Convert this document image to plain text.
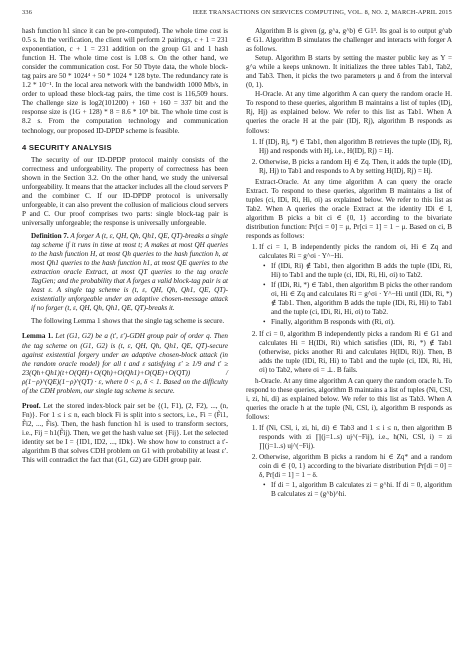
336	IEEE TRANSACTIONS ON SERVICES COMPUTING, VOL. 8, NO. 2, MARCH-APRIL 2015

hash function h1 since it can be pre-computed). The whole time cost is 0.5 s. In the verification, the client will perform 2 pairings, c + 1 = 231 exponentiation, c + 1 = 231 addition on the group G1 and 1 hash function H. The whole time cost is 1.08 s. On the other hand, we consider the communication cost. For 50 Tbyte data, the whole block-tag pairs are 50 * 1024⁴ + 50 * 1024 * 128 byte. The redundancy rate is 1.2 * 10⁻¹. In the local area network with the bandwidth 1000 Mb/s, in order to upload these block-tag pairs, the time cost is 116,509 hours. The challenge size is log2(101200) + 160 + 160 = 337 bit and the response size is (1G + 128) * 8 = 8.6 * 10⁹ bit. The whole time cost is 8.2 s. From the computation technology and communication technology, our proposed ID-DPDP scheme is feasible.

4 SECURITY ANALYSIS

The security of our ID-DPDP protocol mainly consists of the correctness and unforgeability. The property of correctness has been shown in the Section 3.2. On the other hand, we study the universal unforgeability. It means that the attacker includes all the cloud servers P and the combiner C. If our ID-DPDP protocol is universally unforgeable, it can also prevent the collusion of malicious cloud servers P and C. Our proof comprises two parts: single block-tag pair is universally unforgeable; the response is universally unforgeable.

Definition 7. A forger A (t, ε, QH, Qh, Qh1, QE, QT)-breaks a single tag scheme if it runs in time at most t; A makes at most QH queries to the hash function H, at most Qh queries to the hash function h, at most Qh1 queries to the hash function h1, at most QE queries to the extraction oracle Extract, at most QT queries to the tag oracle TagGen; and the probability that A forges a valid block-tag pair is at least ε. A single tag scheme is (t, ε, QH, Qh, Qh1, QE, QT)-existentially unforgeable under an adaptive chosen-message attack if no forger (t, ε, QH, Qh, Qh1, QE, QT)-breaks it.

The following Lemma 1 shows that the single tag scheme is secure.

Lemma 1. Let (G1, G2) be a (t′, ε′)-GDH group pair of order q. Then the tag scheme on (G1, G2) is (t, ε, QH, Qh, Qh1, QE, QT)-secure against existential forgery under an adaptive chosen-block attack (in the random oracle model) for all t and ε satisfying ε′ ≥ 1/9 and t′ ≥ 23(Qh+Qh1)(t+O(QH)+O(Qh)+O(Qh1)+O(QE)+O(QT)) / ρ(1−ρ)^(QE)(1−ρ)^(QT) · ε, where 0 < ρ, δ < 1. Based on the difficulty of the CDH problem, our single tag scheme is secure.

Proof. Let the stored index-block pair set be {(1, F1), (2, F2), ..., (n, Fn)}. For 1 ≤ i ≤ n, each block Fi is split into s sectors, i.e., Fi = (F̃i1, F̃i2, ..., F̃is). Then, the hash function h1 is used to transform sectors, i.e., Fij = h1(F̃ij). Then, we get the hash value set {Fij}. Let the selected identity set be I = {ID1, ID2, ..., IDk}. We show how to construct a t′-algorithm B that solves CDH problem on G1 with probability at least ε′. This will contradict the fact that (G1, G2) are GDH group pair.

Algorithm B is given (g, g^a, g^b) ∈ G1³. Its goal is to output g^ab ∈ G1. Algorithm B simulates the challenger and interacts with forger A as follows.

Setup. Algorithm B starts by setting the master public key as Y = g^a while a keeps unknown. It initializes the three tables Tab1, Tab2, and Tab3. Then, it picks the two parameters μ and δ from the interval (0, 1).

H-Oracle. At any time algorithm A can query the random oracle H. To respond to these queries, algorithm B maintains a list of tuples (IDj, Rj, Hj) as explained below. We refer to this list as Tab1. When A queries the oracle H at the pair (IDj, Rj), algorithm B responds as follows:

1. If (IDj, Rj, *) ∈ Tab1, then algorithm B retrieves the tuple (IDj, Rj, Hj) and responds with Hj, i.e., H(IDj, Rj) = Hj.
2. Otherwise, B picks a random Hj ∈ Zq. Then, it adds the tuple (IDj, Rj, Hj) to Tab1 and responds to A by setting H(IDj, Rj) = Hj.

Extract-Oracle. At any time algorithm A can query the oracle Extract. To respond to these queries, algorithm B maintains a list of tuples (ci, IDi, Ri, Hi, σi) as explained below. We refer to this list as Tab2. When A queries the oracle Extract at the identity IDi ∈ I, algorithm B picks a bit ci ∈ {0, 1} according to the bivariate distribution function: Pr[ci = 0] = μ, Pr[ci = 1] = 1 − μ. Based on ci, B responds as follows:

1. If ci = 1, B independently picks the random σi, Hi ∈ Zq and calculates Ri = g^σi · Y^−Hi.
• If (IDi, Ri) ∉ Tab1, then algorithm B adds the tuple (IDi, Ri, Hi) to Tab1 and the tuple (ci, IDi, Ri, Hi, σi) to Tab2.
• If (IDi, Ri, *) ∈ Tab1, then algorithm B picks the other random σi, Hi ∈ Zq and calculates Ri = g^σi · Y^−Hi until (IDi, Ri, *) ∉ Tab1. Then, algorithm B adds the tuple (IDi, Ri, Hi) to Tab1 and the tuple (ci, IDi, Ri, Hi, σi) to Tab2.
• Finally, algorithm B responds with (Ri, σi).
2. If ci = 0, algorithm B independently picks a random Ri ∈ G1 and calculates Hi = H(IDi, Ri) which satisfies (IDi, Ri, *) ∉ Tab1 (otherwise, picks another Ri and calculates H(IDi, Ri)). Then, B adds the tuple (IDi, Ri, Hi) to Tab1 and the tuple (ci, IDi, Ri, Hi, σi) to Tab2, where σi = ⊥. B fails.

h-Oracle. At any time algorithm A can query the random oracle h. To respond to these queries, algorithm B maintains a list of tuples (Ni, CSl, i, zi, hi, di) as explained below. We refer to this list as Tab3. When A queries the oracle h at the tuple (Ni, CSl, i), algorithm B responds as follows:

1. If (Ni, CSl, i, zi, hi, di) ∈ Tab3 and 1 ≤ i ≤ n, then algorithm B responds with zi ∏(j=1..s) uj^(−Fij), i.e., h(Ni, CSl, i) = zi ∏(j=1..s) uj^(−Fij).
2. Otherwise, algorithm B picks a random hi ∈ Zq* and a random coin di ∈ {0, 1} according to the bivariate distribution Pr[di = 0] = δ, Pr[di = 1] = 1 − δ.
• If di = 1, algorithm B calculates zi = g^hi. If di = 0, algorithm B calculates zi = (g^b)^hi.
